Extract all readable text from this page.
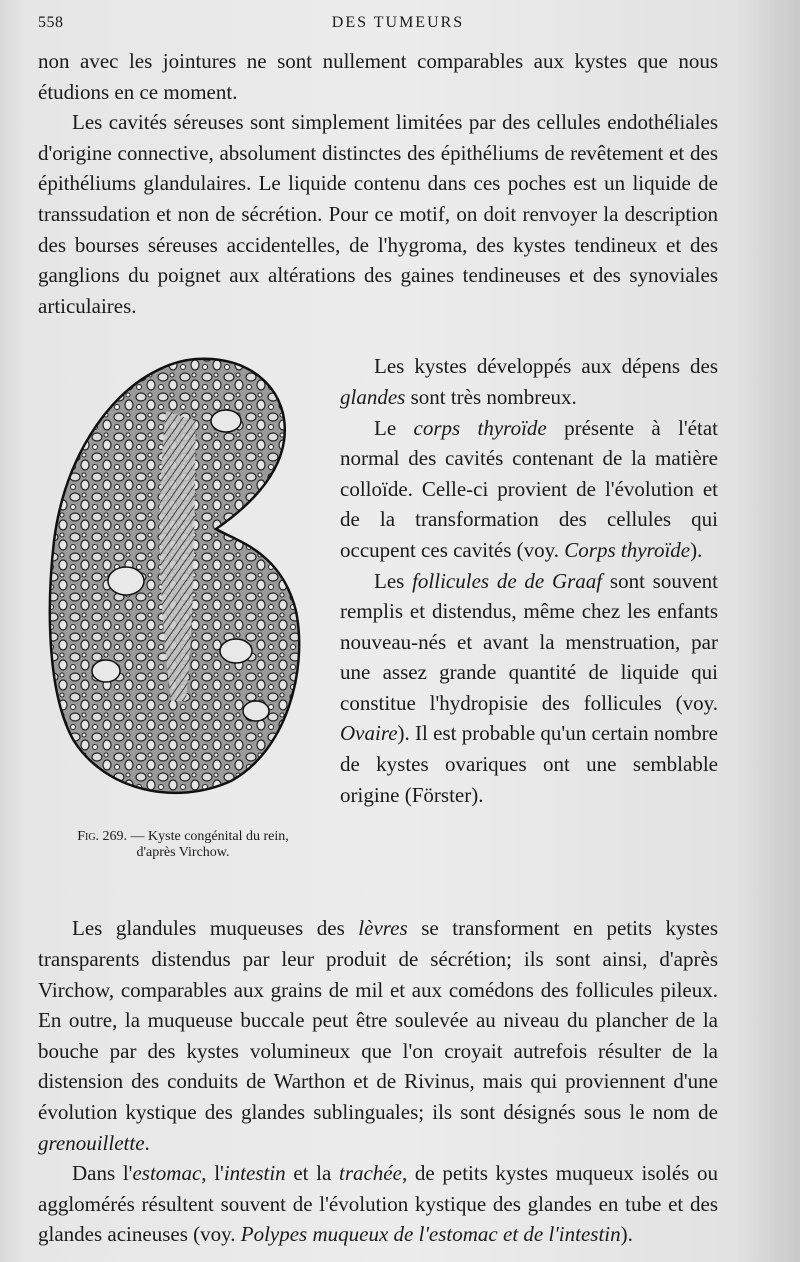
558	DES TUMEURS

non avec les jointures ne sont nullement comparables aux kystes que nous étudions en ce moment.

Les cavités séreuses sont simplement limitées par des cellules endothéliales d'origine connective, absolument distinctes des épithéliums de revêtement et des épithéliums glandulaires. Le liquide contenu dans ces poches est un liquide de transsudation et non de sécrétion. Pour ce motif, on doit renvoyer la description des bourses séreuses accidentelles, de l'hygroma, des kystes tendineux et des ganglions du poignet aux altérations des gaines tendineuses et des synoviales articulaires.

Fig. 269. — Kyste congénital du rein,
d'après Virchow.

Les kystes développés aux dépens des glandes sont très nombreux.

Le corps thyroïde présente à l'état normal des cavités contenant de la matière colloïde. Celle-ci provient de l'évolution et de la transformation des cellules qui occupent ces cavités (voy. Corps thyroïde).

Les follicules de de Graaf sont souvent remplis et distendus, même chez les enfants nouveau-nés et avant la menstruation, par une assez grande quantité de liquide qui constitue l'hydropisie des follicules (voy. Ovaire). Il est probable qu'un certain nombre de kystes ovariques ont une semblable origine (Förster).

Les glandules muqueuses des lèvres se transforment en petits kystes transparents distendus par leur produit de sécrétion; ils sont ainsi, d'après Virchow, comparables aux grains de mil et aux comédons des follicules pileux. En outre, la muqueuse buccale peut être soulevée au niveau du plancher de la bouche par des kystes volumineux que l'on croyait autrefois résulter de la distension des conduits de Warthon et de Rivinus, mais qui proviennent d'une évolution kystique des glandes sublinguales; ils sont désignés sous le nom de grenouillette.

Dans l'estomac, l'intestin et la trachée, de petits kystes muqueux isolés ou agglomérés résultent souvent de l'évolution kystique des glandes en tube et des glandes acineuses (voy. Polypes muqueux de l'estomac et de l'intestin).
